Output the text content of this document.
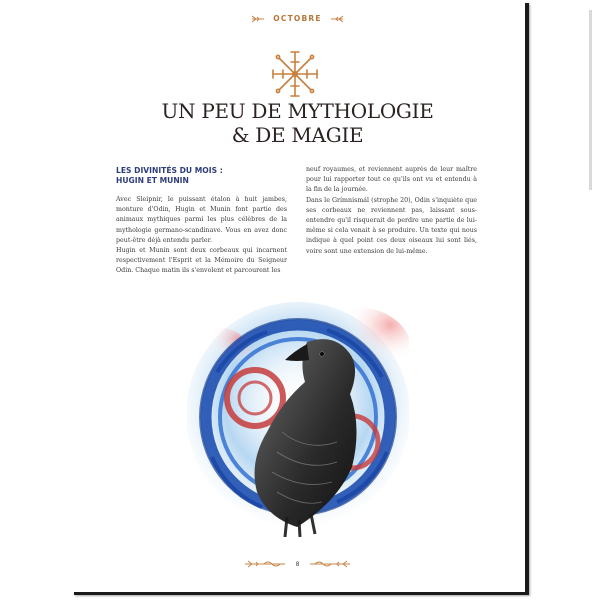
OCTOBRE
UN PEU DE MYTHOLOGIE
& DE MAGIE
LES DIVINITÉS DU MOIS :
HUGIN ET MUNIN

Avec Sleipnir, le puissant étalon à huit jambes, monture d'Odin, Hugin et Munin font partie des animaux mythiques parmi les plus célèbres de la mythologie germano-scandinave. Vous en avez donc peut-être déjà entendu parler.

Hugin et Munin sont deux corbeaux qui incarnent respectivement l'Esprit et la Mémoire du Seigneur Odin. Chaque matin ils s'envolent et parcourent les

neuf royaumes, et reviennent auprès de leur maître pour lui rapporter tout ce qu'ils ont vu et entendu à la fin de la journée.

Dans le Grímnismál (strophe 20), Odin s'inquiète que ses corbeaux ne reviennent pas, laissant sous-entendre qu'il risquerait de perdre une partie de lui-même si cela venait à se produire. Un texte qui nous indique à quel point ces deux oiseaux lui sont liés, voire sont une extension de lui-même.

8
